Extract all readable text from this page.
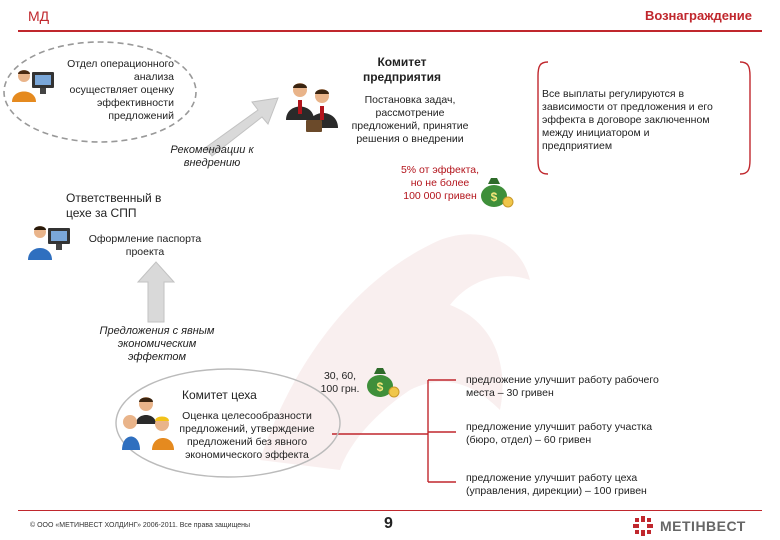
МД	Вознаграждение
Отдел операционного
анализа
осуществляет оценку
эффективности
предложений
Комитет
предприятия
Постановка задач,
рассмотрение
предложений, принятие
решения о внедрении
Все выплаты регулируются в
зависимости от предложения и его
эффекта в договоре заключенном
между инициатором и
предприятием
Рекомендации к
внедрению
5% от эффекта,
но не более
100 000 гривен	$
Ответственный в
цехе за СПП
Оформление паспорта
проекта
Предложения с явным
экономическим
эффектом
Комитет цеха
Оценка целесообразности
предложений, утверждение
предложений без явного
экономического эффекта
30, 60,
100 грн.	$	предложение улучшит работу рабочего
места – 30 гривен
предложение улучшит работу участка
(бюро, отдел) – 60 гривен
предложение улучшит работу цеха
(управления, дирекции) – 100 гривен
© ООО «МЕТИНВЕСТ ХОЛДИНГ» 2006-2011. Все права защищены	9	МЕТІНВЕСТ
